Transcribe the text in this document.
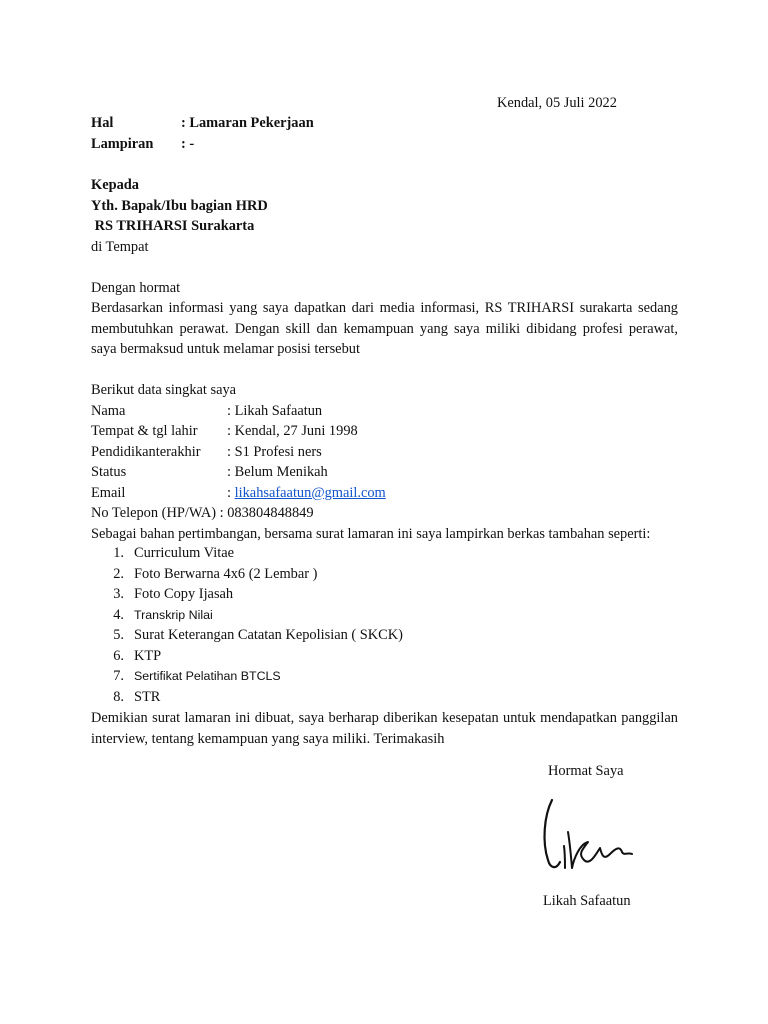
Kendal, 05 Juli 2022
Hal	: Lamaran Pekerjaan
Lampiran	: -
Kepada
Yth. Bapak/Ibu bagian HRD
RS TRIHARSI Surakarta
di Tempat
Dengan hormat
Berdasarkan informasi yang saya dapatkan dari media informasi, RS TRIHARSI surakarta sedang membutuhkan perawat. Dengan skill dan kemampuan yang saya miliki dibidang profesi perawat, saya bermaksud untuk melamar posisi tersebut
Berikut data singkat saya
Nama	: Likah Safaatun
Tempat & tgl lahir	: Kendal, 27 Juni 1998
Pendidikanterakhir	: S1 Profesi ners
Status	: Belum Menikah
Email	: likahsafaatun@gmail.com
No Telepon (HP/WA) : 083804848849
Sebagai bahan pertimbangan, bersama surat lamaran ini saya lampirkan berkas tambahan seperti:
1. Curriculum Vitae
2. Foto Berwarna 4x6 (2 Lembar )
3. Foto Copy Ijasah
4. Transkrip Nilai
5. Surat Keterangan Catatan Kepolisian ( SKCK)
6. KTP
7. Sertifikat Pelatihan BTCLS
8. STR
Demikian surat lamaran ini dibuat, saya berharap diberikan kesepatan untuk mendapatkan panggilan interview, tentang kemampuan yang saya miliki. Terimakasih
Hormat Saya
Likah Safaatun
